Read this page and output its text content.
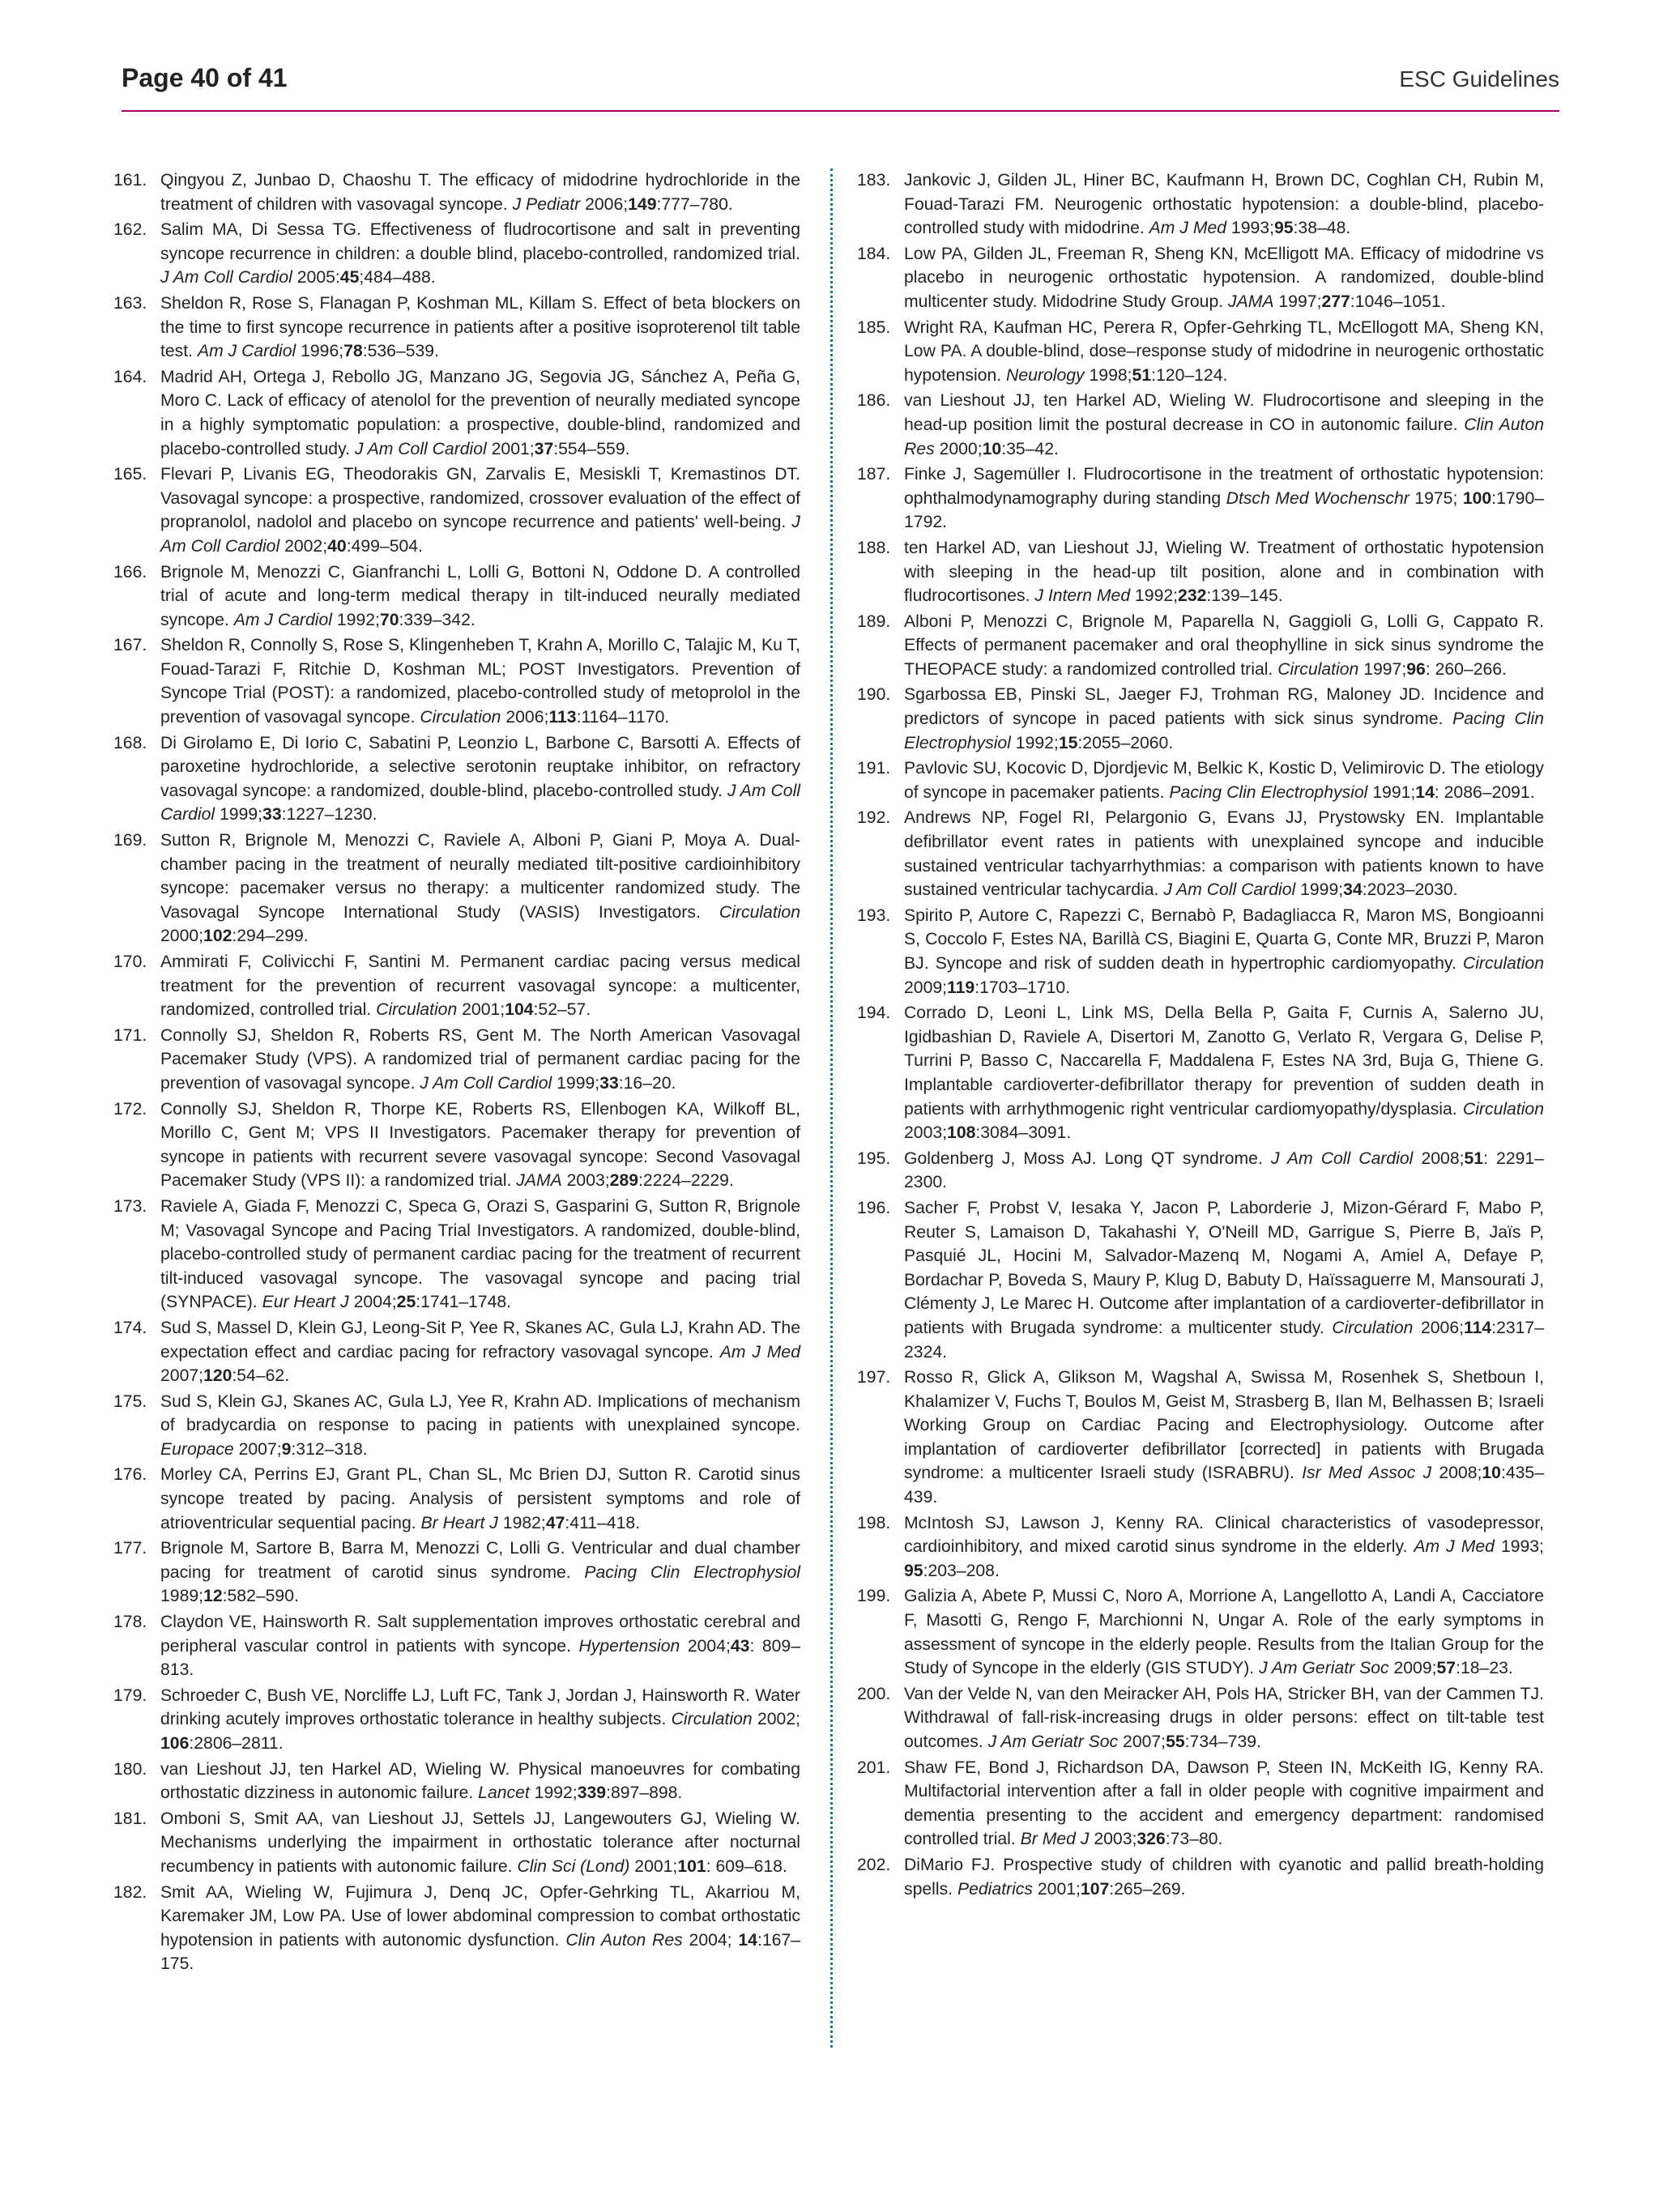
Page 40 of 41	ESC Guidelines
161. Qingyou Z, Junbao D, Chaoshu T. The efficacy of midodrine hydrochloride in the treatment of children with vasovagal syncope. J Pediatr 2006;149:777–780.
162. Salim MA, Di Sessa TG. Effectiveness of fludrocortisone and salt in preventing syncope recurrence in children: a double blind, placebo-controlled, randomized trial. J Am Coll Cardiol 2005:45;484–488.
163. Sheldon R, Rose S, Flanagan P, Koshman ML, Killam S. Effect of beta blockers on the time to first syncope recurrence in patients after a positive isoproterenol tilt table test. Am J Cardiol 1996;78:536–539.
164. Madrid AH, Ortega J, Rebollo JG, Manzano JG, Segovia JG, Sánchez A, Peña G, Moro C. Lack of efficacy of atenolol for the prevention of neurally mediated syncope in a highly symptomatic population: a prospective, double-blind, randomized and placebo-controlled study. J Am Coll Cardiol 2001;37:554–559.
165. Flevari P, Livanis EG, Theodorakis GN, Zarvalis E, Mesiskli T, Kremastinos DT. Vasovagal syncope: a prospective, randomized, crossover evaluation of the effect of propranolol, nadolol and placebo on syncope recurrence and patients' well-being. J Am Coll Cardiol 2002;40:499–504.
166. Brignole M, Menozzi C, Gianfranchi L, Lolli G, Bottoni N, Oddone D. A controlled trial of acute and long-term medical therapy in tilt-induced neurally mediated syncope. Am J Cardiol 1992;70:339–342.
167. Sheldon R, Connolly S, Rose S, Klingenheben T, Krahn A, Morillo C, Talajic M, Ku T, Fouad-Tarazi F, Ritchie D, Koshman ML; POST Investigators. Prevention of Syncope Trial (POST): a randomized, placebo-controlled study of metoprolol in the prevention of vasovagal syncope. Circulation 2006;113:1164–1170.
168. Di Girolamo E, Di Iorio C, Sabatini P, Leonzio L, Barbone C, Barsotti A. Effects of paroxetine hydrochloride, a selective serotonin reuptake inhibitor, on refractory vasovagal syncope: a randomized, double-blind, placebo-controlled study. J Am Coll Cardiol 1999;33:1227–1230.
169. Sutton R, Brignole M, Menozzi C, Raviele A, Alboni P, Giani P, Moya A. Dual-chamber pacing in the treatment of neurally mediated tilt-positive cardioinhibitory syncope: pacemaker versus no therapy: a multicenter randomized study. The Vasovagal Syncope International Study (VASIS) Investigators. Circulation 2000;102:294–299.
170. Ammirati F, Colivicchi F, Santini M. Permanent cardiac pacing versus medical treatment for the prevention of recurrent vasovagal syncope: a multicenter, randomized, controlled trial. Circulation 2001;104:52–57.
171. Connolly SJ, Sheldon R, Roberts RS, Gent M. The North American Vasovagal Pacemaker Study (VPS). A randomized trial of permanent cardiac pacing for the prevention of vasovagal syncope. J Am Coll Cardiol 1999;33:16–20.
172. Connolly SJ, Sheldon R, Thorpe KE, Roberts RS, Ellenbogen KA, Wilkoff BL, Morillo C, Gent M; VPS II Investigators. Pacemaker therapy for prevention of syncope in patients with recurrent severe vasovagal syncope: Second Vasovagal Pacemaker Study (VPS II): a randomized trial. JAMA 2003;289:2224–2229.
173. Raviele A, Giada F, Menozzi C, Speca G, Orazi S, Gasparini G, Sutton R, Brignole M; Vasovagal Syncope and Pacing Trial Investigators. A randomized, double-blind, placebo-controlled study of permanent cardiac pacing for the treatment of recurrent tilt-induced vasovagal syncope. The vasovagal syncope and pacing trial (SYNPACE). Eur Heart J 2004;25:1741–1748.
174. Sud S, Massel D, Klein GJ, Leong-Sit P, Yee R, Skanes AC, Gula LJ, Krahn AD. The expectation effect and cardiac pacing for refractory vasovagal syncope. Am J Med 2007;120:54–62.
175. Sud S, Klein GJ, Skanes AC, Gula LJ, Yee R, Krahn AD. Implications of mechanism of bradycardia on response to pacing in patients with unexplained syncope. Europace 2007;9:312–318.
176. Morley CA, Perrins EJ, Grant PL, Chan SL, Mc Brien DJ, Sutton R. Carotid sinus syncope treated by pacing. Analysis of persistent symptoms and role of atrioventricular sequential pacing. Br Heart J 1982;47:411–418.
177. Brignole M, Sartore B, Barra M, Menozzi C, Lolli G. Ventricular and dual chamber pacing for treatment of carotid sinus syndrome. Pacing Clin Electrophysiol 1989;12:582–590.
178. Claydon VE, Hainsworth R. Salt supplementation improves orthostatic cerebral and peripheral vascular control in patients with syncope. Hypertension 2004;43: 809–813.
179. Schroeder C, Bush VE, Norcliffe LJ, Luft FC, Tank J, Jordan J, Hainsworth R. Water drinking acutely improves orthostatic tolerance in healthy subjects. Circulation 2002; 106:2806–2811.
180. van Lieshout JJ, ten Harkel AD, Wieling W. Physical manoeuvres for combating orthostatic dizziness in autonomic failure. Lancet 1992;339:897–898.
181. Omboni S, Smit AA, van Lieshout JJ, Settels JJ, Langewouters GJ, Wieling W. Mechanisms underlying the impairment in orthostatic tolerance after nocturnal recumbency in patients with autonomic failure. Clin Sci (Lond) 2001;101: 609–618.
182. Smit AA, Wieling W, Fujimura J, Denq JC, Opfer-Gehrking TL, Akarriou M, Karemaker JM, Low PA. Use of lower abdominal compression to combat orthostatic hypotension in patients with autonomic dysfunction. Clin Auton Res 2004; 14:167–175.
183. Jankovic J, Gilden JL, Hiner BC, Kaufmann H, Brown DC, Coghlan CH, Rubin M, Fouad-Tarazi FM. Neurogenic orthostatic hypotension: a double-blind, placebo-controlled study with midodrine. Am J Med 1993;95:38–48.
184. Low PA, Gilden JL, Freeman R, Sheng KN, McElligott MA. Efficacy of midodrine vs placebo in neurogenic orthostatic hypotension. A randomized, double-blind multicenter study. Midodrine Study Group. JAMA 1997;277:1046–1051.
185. Wright RA, Kaufman HC, Perera R, Opfer-Gehrking TL, McEllogott MA, Sheng KN, Low PA. A double-blind, dose–response study of midodrine in neurogenic orthostatic hypotension. Neurology 1998;51:120–124.
186. van Lieshout JJ, ten Harkel AD, Wieling W. Fludrocortisone and sleeping in the head-up position limit the postural decrease in CO in autonomic failure. Clin Auton Res 2000;10:35–42.
187. Finke J, Sagemüller I. Fludrocortisone in the treatment of orthostatic hypotension: ophthalmodynamography during standing Dtsch Med Wochenschr 1975; 100:1790–1792.
188. ten Harkel AD, van Lieshout JJ, Wieling W. Treatment of orthostatic hypotension with sleeping in the head-up tilt position, alone and in combination with fludrocortisones. J Intern Med 1992;232:139–145.
189. Alboni P, Menozzi C, Brignole M, Paparella N, Gaggioli G, Lolli G, Cappato R. Effects of permanent pacemaker and oral theophylline in sick sinus syndrome the THEOPACE study: a randomized controlled trial. Circulation 1997;96: 260–266.
190. Sgarbossa EB, Pinski SL, Jaeger FJ, Trohman RG, Maloney JD. Incidence and predictors of syncope in paced patients with sick sinus syndrome. Pacing Clin Electrophysiol 1992;15:2055–2060.
191. Pavlovic SU, Kocovic D, Djordjevic M, Belkic K, Kostic D, Velimirovic D. The etiology of syncope in pacemaker patients. Pacing Clin Electrophysiol 1991;14: 2086–2091.
192. Andrews NP, Fogel RI, Pelargonio G, Evans JJ, Prystowsky EN. Implantable defibrillator event rates in patients with unexplained syncope and inducible sustained ventricular tachyarrhythmias: a comparison with patients known to have sustained ventricular tachycardia. J Am Coll Cardiol 1999;34:2023–2030.
193. Spirito P, Autore C, Rapezzi C, Bernabò P, Badagliacca R, Maron MS, Bongioanni S, Coccolo F, Estes NA, Barillà CS, Biagini E, Quarta G, Conte MR, Bruzzi P, Maron BJ. Syncope and risk of sudden death in hypertrophic cardiomyopathy. Circulation 2009;119:1703–1710.
194. Corrado D, Leoni L, Link MS, Della Bella P, Gaita F, Curnis A, Salerno JU, Igidbashian D, Raviele A, Disertori M, Zanotto G, Verlato R, Vergara G, Delise P, Turrini P, Basso C, Naccarella F, Maddalena F, Estes NA 3rd, Buja G, Thiene G. Implantable cardioverter-defibrillator therapy for prevention of sudden death in patients with arrhythmogenic right ventricular cardiomyopathy/dysplasia. Circulation 2003;108:3084–3091.
195. Goldenberg J, Moss AJ. Long QT syndrome. J Am Coll Cardiol 2008;51: 2291–2300.
196. Sacher F, Probst V, Iesaka Y, Jacon P, Laborderie J, Mizon-Gérard F, Mabo P, Reuter S, Lamaison D, Takahashi Y, O'Neill MD, Garrigue S, Pierre B, Jaïs P, Pasquié JL, Hocini M, Salvador-Mazenq M, Nogami A, Amiel A, Defaye P, Bordachar P, Boveda S, Maury P, Klug D, Babuty D, Haïssaguerre M, Mansourati J, Clémenty J, Le Marec H. Outcome after implantation of a cardioverter-defibrillator in patients with Brugada syndrome: a multicenter study. Circulation 2006;114:2317–2324.
197. Rosso R, Glick A, Glikson M, Wagshal A, Swissa M, Rosenhek S, Shetboun I, Khalamizer V, Fuchs T, Boulos M, Geist M, Strasberg B, Ilan M, Belhassen B; Israeli Working Group on Cardiac Pacing and Electrophysiology. Outcome after implantation of cardioverter defibrillator [corrected] in patients with Brugada syndrome: a multicenter Israeli study (ISRABRU). Isr Med Assoc J 2008;10:435–439.
198. McIntosh SJ, Lawson J, Kenny RA. Clinical characteristics of vasodepressor, cardioinhibitory, and mixed carotid sinus syndrome in the elderly. Am J Med 1993; 95:203–208.
199. Galizia A, Abete P, Mussi C, Noro A, Morrione A, Langellotto A, Landi A, Cacciatore F, Masotti G, Rengo F, Marchionni N, Ungar A. Role of the early symptoms in assessment of syncope in the elderly people. Results from the Italian Group for the Study of Syncope in the elderly (GIS STUDY). J Am Geriatr Soc 2009;57:18–23.
200. Van der Velde N, van den Meiracker AH, Pols HA, Stricker BH, van der Cammen TJ. Withdrawal of fall-risk-increasing drugs in older persons: effect on tilt-table test outcomes. J Am Geriatr Soc 2007;55:734–739.
201. Shaw FE, Bond J, Richardson DA, Dawson P, Steen IN, McKeith IG, Kenny RA. Multifactorial intervention after a fall in older people with cognitive impairment and dementia presenting to the accident and emergency department: randomised controlled trial. Br Med J 2003;326:73–80.
202. DiMario FJ. Prospective study of children with cyanotic and pallid breath-holding spells. Pediatrics 2001;107:265–269.
